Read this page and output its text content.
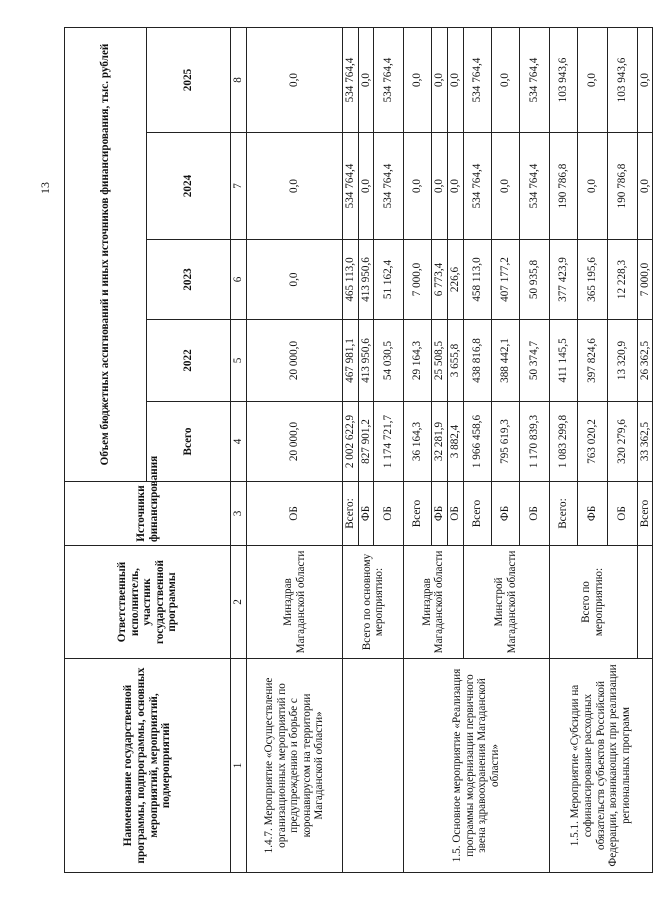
13
Наименование государственной программы, подпрограммы, основных мероприятий, мероприятий, подмероприятий	Ответственный исполнитель, участник государственной программы	Источники финансирования	Объем бюджетных ассигнований и иных источников финансирования, тыс. рублей				
			Всего	2022	2023	2024	2025
1	2	3	4	5	6	7	8
1.4.7. Мероприятие «Осуществление организационных мероприятий по предупреждению и борьбе с коронавирусом на территории Магаданской области»	Минздрав Магаданской области	ОБ	20 000,0	20 000,0	0,0	0,0	0,0
	Всего по основному мероприятию:	Всего:	2 002 622,9	467 981,1	465 113,0	534 764,4	534 764,4
		ФБ	827 901,2	413 950,6	413 950,6	0,0	0,0
		ОБ	1 174 721,7	54 030,5	51 162,4	534 764,4	534 764,4
1.5. Основное мероприятие «Реализация программы модернизации первичного звена здравоохранения Магаданской области»	Минздрав Магаданской области	Всего	36 164,3	29 164,3	7 000,0	0,0	0,0
		ФБ	32 281,9	25 508,5	6 773,4	0,0	0,0
		ОБ	3 882,4	3 655,8	226,6	0,0	0,0
	Минстрой Магаданской области	Всего	1 966 458,6	438 816,8	458 113,0	534 764,4	534 764,4
		ФБ	795 619,3	388 442,1	407 177,2	0,0	0,0
		ОБ	1 170 839,3	50 374,7	50 935,8	534 764,4	534 764,4
1.5.1. Мероприятие «Субсидии на софинансирование расходных обязательств субъектов Российской Федерации, возникающих при реализации региональных программ	Всего по мероприятию:	Всего:	1 083 299,8	411 145,5	377 423,9	190 786,8	103 943,6
		ФБ	763 020,2	397 824,6	365 195,6	0,0	0,0
		ОБ	320 279,6	13 320,9	12 228,3	190 786,8	103 943,6
		Всего	33 362,5	26 362,5	7 000,0	0,0	0,0
